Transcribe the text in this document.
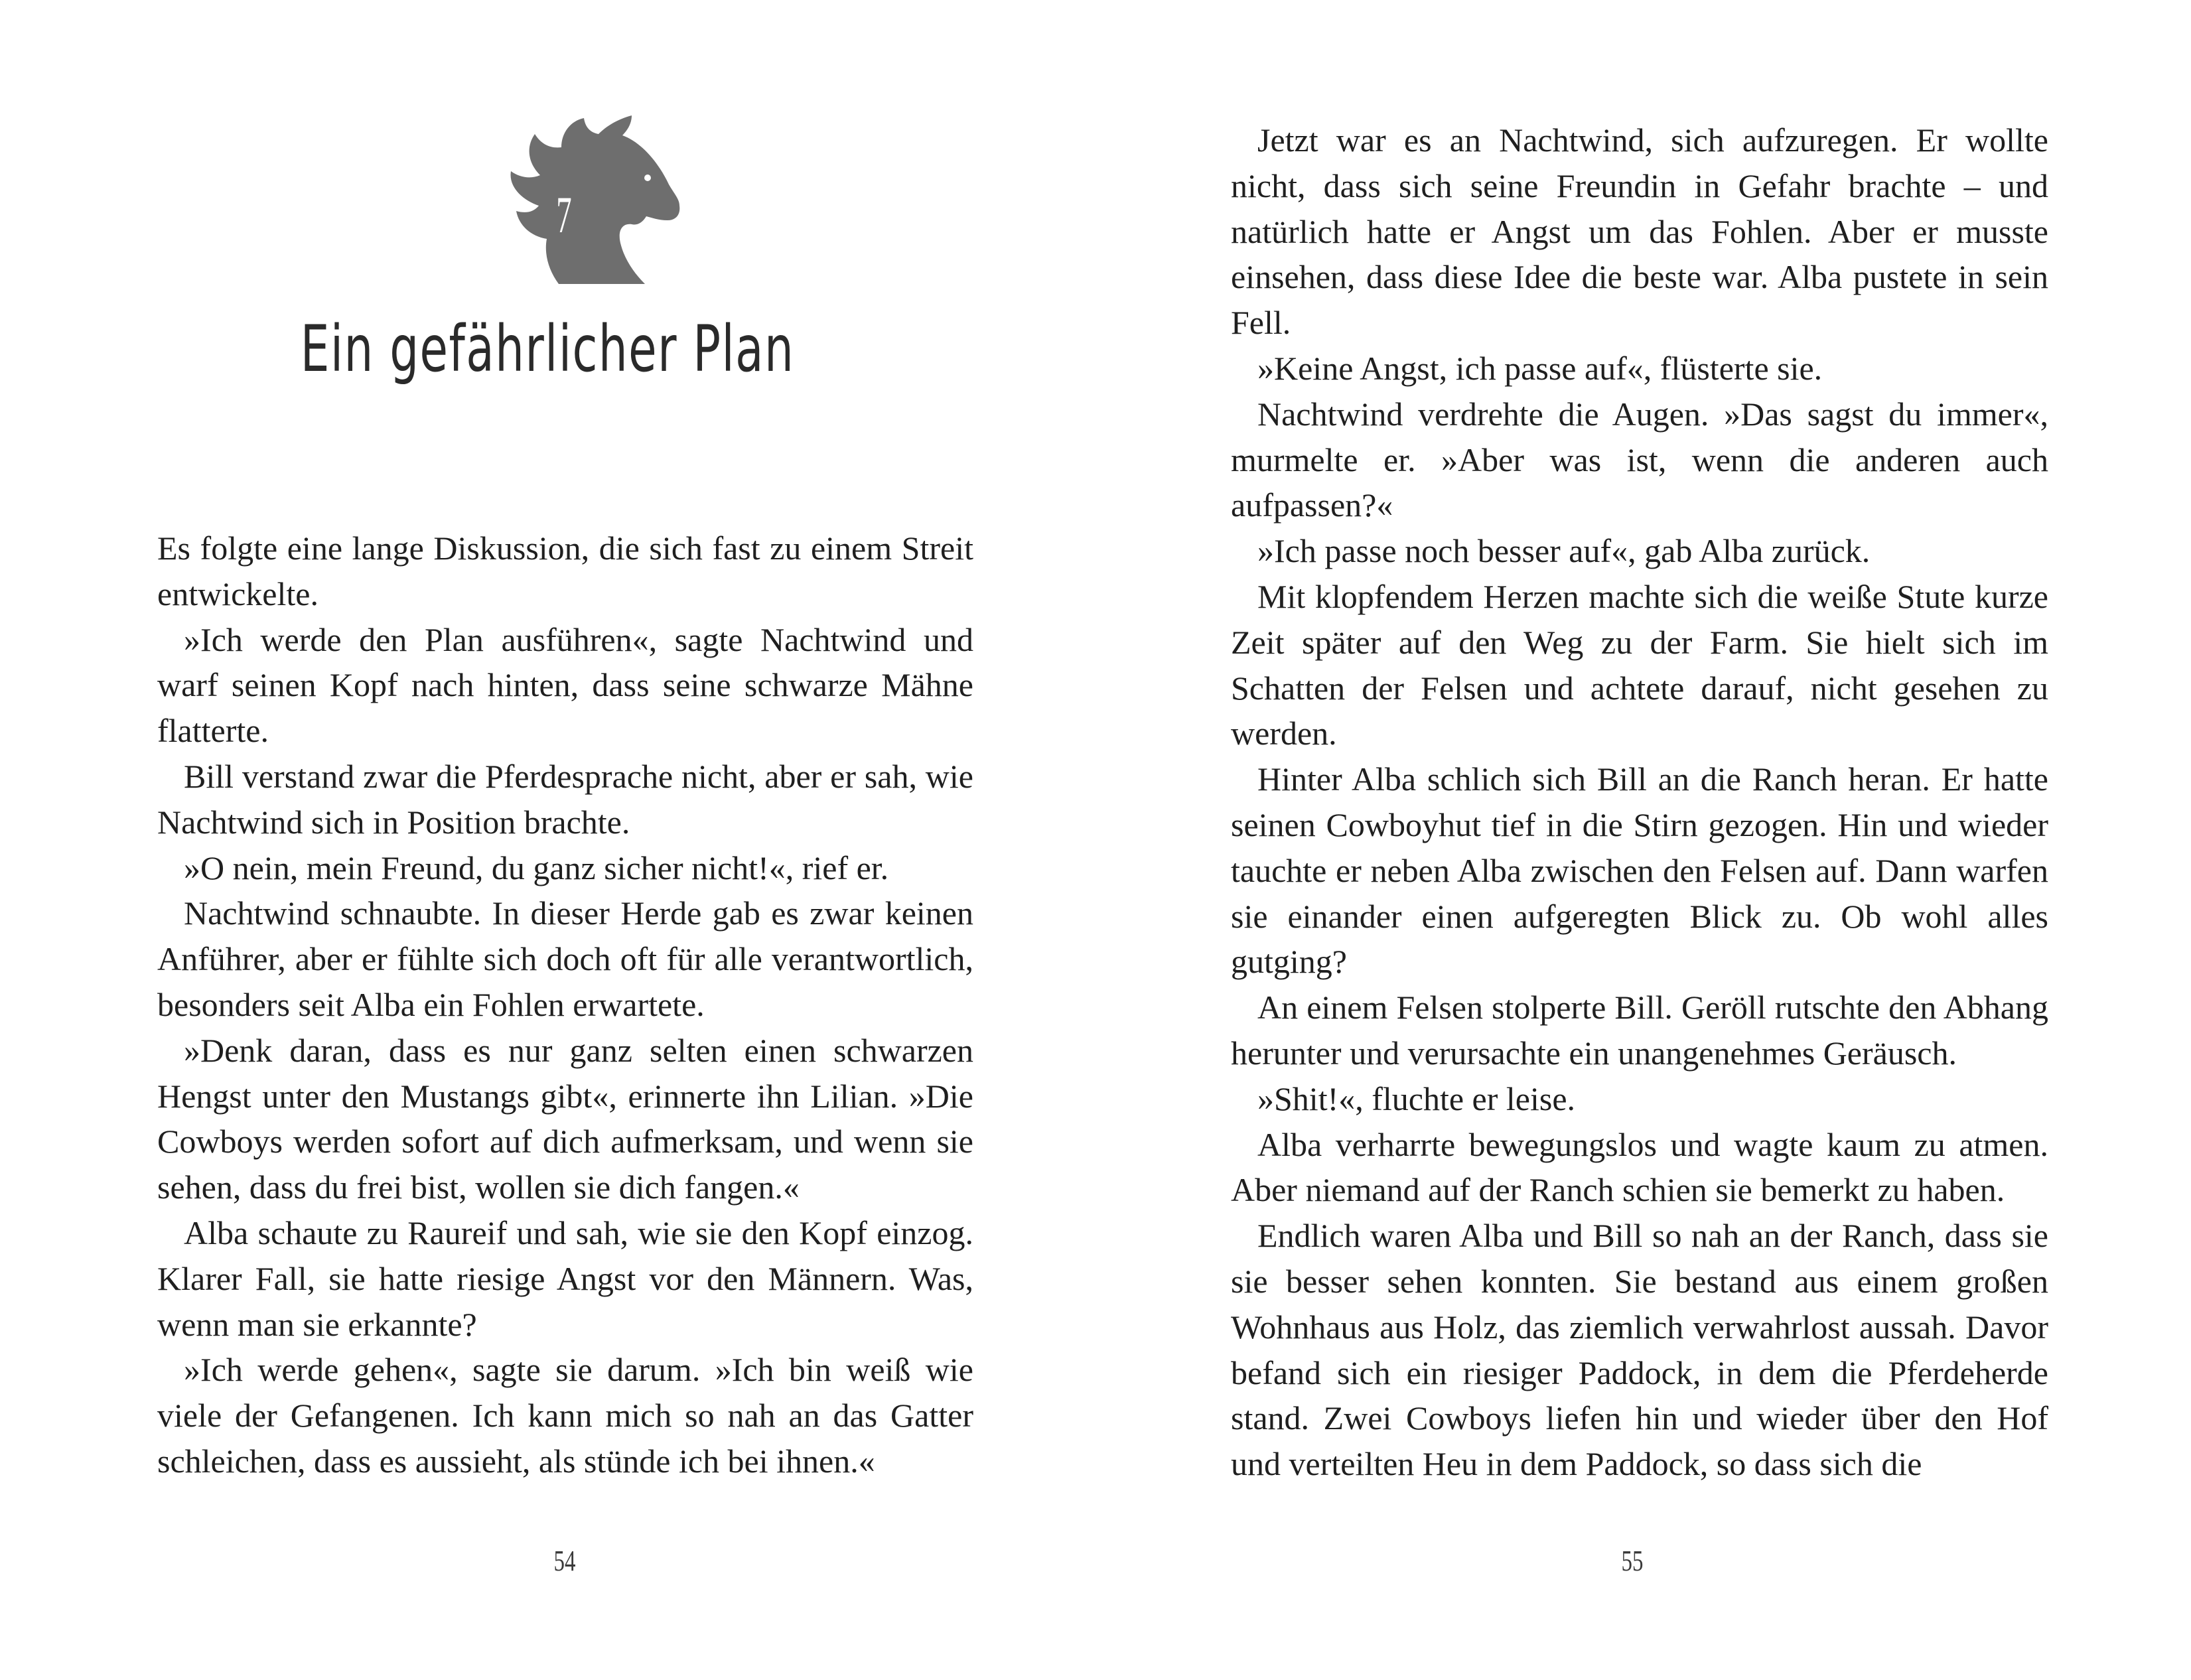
7
Ein gefährlicher Plan

Es folgte eine lange Diskussion, die sich fast zu einem Streit entwickelte.

»Ich werde den Plan ausführen«, sagte Nachtwind und warf seinen Kopf nach hinten, dass seine schwarze Mähne flatterte.

Bill verstand zwar die Pferdesprache nicht, aber er sah, wie Nachtwind sich in Position brachte.

»O nein, mein Freund, du ganz sicher nicht!«, rief er.

Nachtwind schnaubte. In dieser Herde gab es zwar keinen Anführer, aber er fühlte sich doch oft für alle verantwortlich, besonders seit Alba ein Fohlen erwartete.

»Denk daran, dass es nur ganz selten einen schwarzen Hengst unter den Mustangs gibt«, erinnerte ihn Lilian. »Die Cowboys werden sofort auf dich aufmerksam, und wenn sie sehen, dass du frei bist, wollen sie dich fangen.«

Alba schaute zu Raureif und sah, wie sie den Kopf einzog. Klarer Fall, sie hatte riesige Angst vor den Männern. Was, wenn man sie erkannte?

»Ich werde gehen«, sagte sie darum. »Ich bin weiß wie viele der Gefangenen. Ich kann mich so nah an das Gatter schleichen, dass es aussieht, als stünde ich bei ihnen.«

54

Jetzt war es an Nachtwind, sich aufzuregen. Er wollte nicht, dass sich seine Freundin in Gefahr brachte – und natürlich hatte er Angst um das Fohlen. Aber er musste einsehen, dass diese Idee die beste war. Alba pustete in sein Fell.

»Keine Angst, ich passe auf«, flüsterte sie.

Nachtwind verdrehte die Augen. »Das sagst du immer«, murmelte er. »Aber was ist, wenn die anderen auch aufpassen?«

»Ich passe noch besser auf«, gab Alba zurück.

Mit klopfendem Herzen machte sich die weiße Stute kurze Zeit später auf den Weg zu der Farm. Sie hielt sich im Schatten der Felsen und achtete darauf, nicht gesehen zu werden.

Hinter Alba schlich sich Bill an die Ranch heran. Er hatte seinen Cowboyhut tief in die Stirn gezogen. Hin und wieder tauchte er neben Alba zwischen den Felsen auf. Dann warfen sie einander einen aufgeregten Blick zu. Ob wohl alles gutging?

An einem Felsen stolperte Bill. Geröll rutschte den Abhang herunter und verursachte ein unangenehmes Geräusch.

»Shit!«, fluchte er leise.

Alba verharrte bewegungslos und wagte kaum zu atmen. Aber niemand auf der Ranch schien sie bemerkt zu haben.

Endlich waren Alba und Bill so nah an der Ranch, dass sie sie besser sehen konnten. Sie bestand aus einem großen Wohnhaus aus Holz, das ziemlich verwahrlost aussah. Davor befand sich ein riesiger Paddock, in dem die Pferdeherde stand. Zwei Cowboys liefen hin und wieder über den Hof und verteilten Heu in dem Paddock, so dass sich die

55
